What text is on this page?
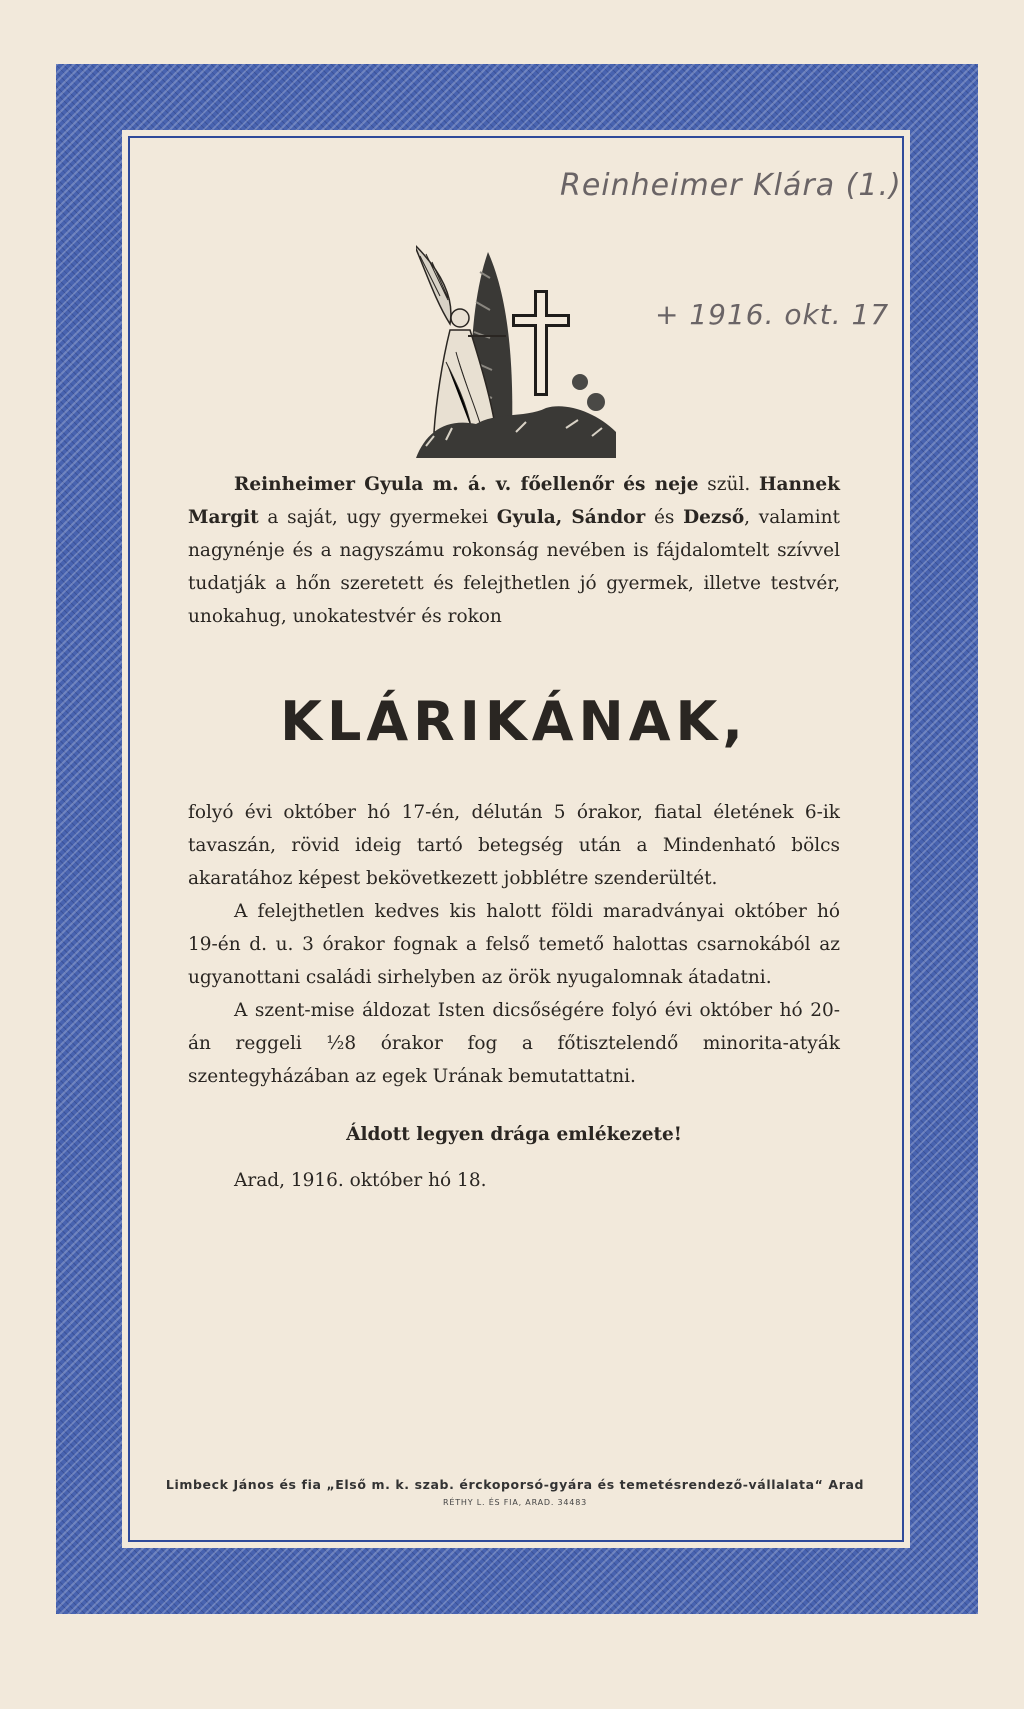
Reinheimer Klára (1.)
+ 1916. okt. 17

Reinheimer Gyula m. á. v. főellenőr és neje szül. Hannek Margit a saját, ugy gyermekei Gyula, Sándor és Dezső, valamint nagynénje és a nagyszámu rokonság nevében is fájdalomtelt szívvel tudatják a hőn szeretett és felejthetlen jó gyermek, illetve testvér, unokahug, unokatestvér és rokon

KLÁRIKÁNAK,

folyó évi október hó 17-én, délután 5 órakor, fiatal életének 6-ik tavaszán, rövid ideig tartó betegség után a Mindenható bölcs akaratához képest bekövetkezett jobblétre szenderültét.

A felejthetlen kedves kis halott földi maradványai október hó 19-én d. u. 3 órakor fognak a felső temető halottas csarnokából az ugyanottani családi sirhelyben az örök nyugalomnak átadatni.

A szent-mise áldozat Isten dicsőségére folyó évi október hó 20-án reggeli ½8 órakor fog a főtisztelendő minorita-atyák szentegyházában az egek Urának bemutattatni.

Áldott legyen drága emlékezete!
Arad, 1916. október hó 18.
Limbeck János és fia „Első m. k. szab. érckoporsó-gyára és temetésrendező-vállalata“ Arad
RÉTHY L. ÉS FIA, ARAD. 34483
